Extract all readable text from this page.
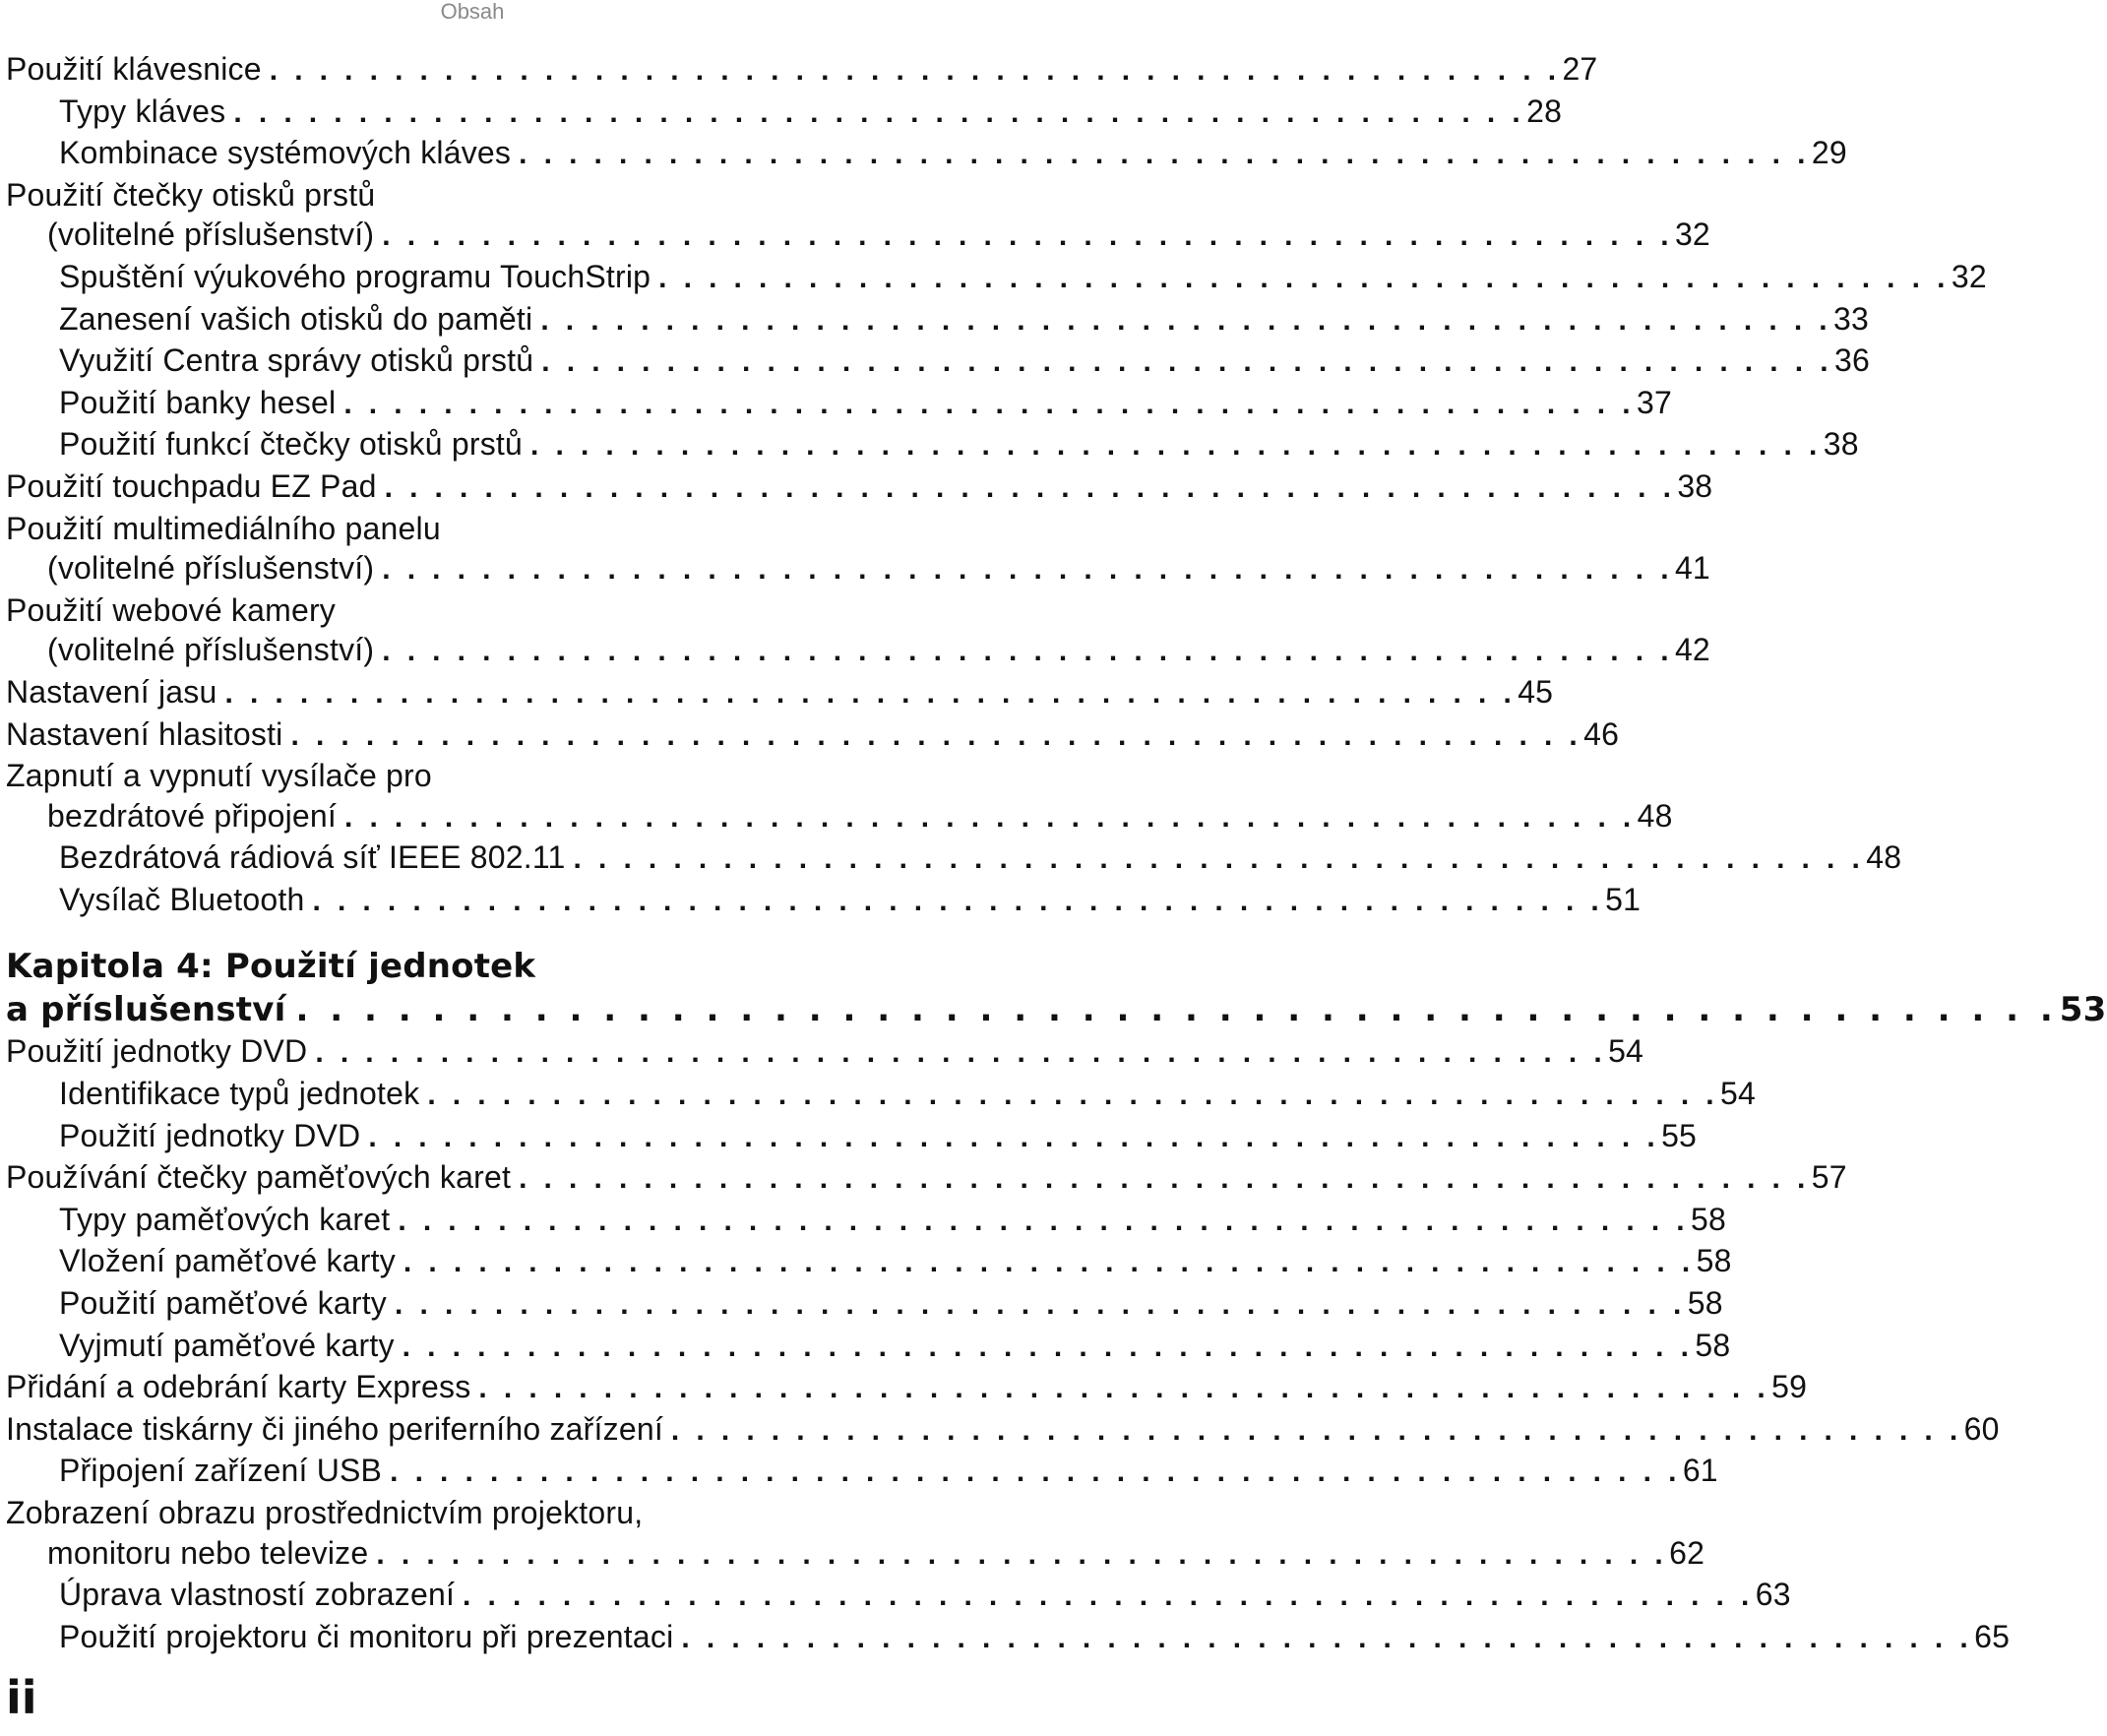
Obsah
Použití klávesnice . . . . . . . . . . . . . . . . . . . . . . . . . . . . . . . . . . . . . . . . . . . . . . . . . . . . 27
Typy kláves . . . . . . . . . . . . . . . . . . . . . . . . . . . . . . . . . . . . . . . . . . . . . . . . . . . . 28
Kombinace systémových kláves . . . . . . . . . . . . . . . . . . . . . . . . . . . . . . . . . . . . . . . . . . . . . . . . . . . . 29
Použití čtečky otisků prstů
(volitelné příslušenství) . . . . . . . . . . . . . . . . . . . . . . . . . . . . . . . . . . . . . . . . . . . . . . . . . . . . 32
Spuštění výukového programu TouchStrip . . . . . . . . . . . . . . . . . . . . . . . . . . . . . . . . . . . . . . . . . . . . . . . . . . . . 32
Zanesení vašich otisků do paměti . . . . . . . . . . . . . . . . . . . . . . . . . . . . . . . . . . . . . . . . . . . . . . . . . . . . 33
Využití Centra správy otisků prstů . . . . . . . . . . . . . . . . . . . . . . . . . . . . . . . . . . . . . . . . . . . . . . . . . . . . 36
Použití banky hesel . . . . . . . . . . . . . . . . . . . . . . . . . . . . . . . . . . . . . . . . . . . . . . . . . . . . 37
Použití funkcí čtečky otisků prstů . . . . . . . . . . . . . . . . . . . . . . . . . . . . . . . . . . . . . . . . . . . . . . . . . . . . 38
Použití touchpadu EZ Pad . . . . . . . . . . . . . . . . . . . . . . . . . . . . . . . . . . . . . . . . . . . . . . . . . . . . 38
Použití multimediálního panelu
(volitelné příslušenství) . . . . . . . . . . . . . . . . . . . . . . . . . . . . . . . . . . . . . . . . . . . . . . . . . . . . 41
Použití webové kamery
(volitelné příslušenství) . . . . . . . . . . . . . . . . . . . . . . . . . . . . . . . . . . . . . . . . . . . . . . . . . . . . 42
Nastavení jasu . . . . . . . . . . . . . . . . . . . . . . . . . . . . . . . . . . . . . . . . . . . . . . . . . . . . 45
Nastavení hlasitosti . . . . . . . . . . . . . . . . . . . . . . . . . . . . . . . . . . . . . . . . . . . . . . . . . . . . 46
Zapnutí a vypnutí vysílače pro
bezdrátové připojení . . . . . . . . . . . . . . . . . . . . . . . . . . . . . . . . . . . . . . . . . . . . . . . . . . . . 48
Bezdrátová rádiová síť IEEE 802.11 . . . . . . . . . . . . . . . . . . . . . . . . . . . . . . . . . . . . . . . . . . . . . . . . . . . . 48
Vysílač Bluetooth . . . . . . . . . . . . . . . . . . . . . . . . . . . . . . . . . . . . . . . . . . . . . . . . . . . . 51
Kapitola 4: Použití jednotek
a příslušenství . . . . . . . . . . . . . . . . . . . . . . . . . . . . . . . . . . . . . . . . . . . . . . . . . . . . 53
Použití jednotky DVD . . . . . . . . . . . . . . . . . . . . . . . . . . . . . . . . . . . . . . . . . . . . . . . . . . . . 54
Identifikace typů jednotek . . . . . . . . . . . . . . . . . . . . . . . . . . . . . . . . . . . . . . . . . . . . . . . . . . . . 54
Použití jednotky DVD . . . . . . . . . . . . . . . . . . . . . . . . . . . . . . . . . . . . . . . . . . . . . . . . . . . . 55
Používání čtečky paměťových karet . . . . . . . . . . . . . . . . . . . . . . . . . . . . . . . . . . . . . . . . . . . . . . . . . . . . 57
Typy paměťových karet . . . . . . . . . . . . . . . . . . . . . . . . . . . . . . . . . . . . . . . . . . . . . . . . . . . . 58
Vložení paměťové karty . . . . . . . . . . . . . . . . . . . . . . . . . . . . . . . . . . . . . . . . . . . . . . . . . . . . 58
Použití paměťové karty . . . . . . . . . . . . . . . . . . . . . . . . . . . . . . . . . . . . . . . . . . . . . . . . . . . . 58
Vyjmutí paměťové karty . . . . . . . . . . . . . . . . . . . . . . . . . . . . . . . . . . . . . . . . . . . . . . . . . . . . 58
Přidání a odebrání karty Express . . . . . . . . . . . . . . . . . . . . . . . . . . . . . . . . . . . . . . . . . . . . . . . . . . . . 59
Instalace tiskárny či jiného periferního zařízení . . . . . . . . . . . . . . . . . . . . . . . . . . . . . . . . . . . . . . . . . . . . . . . . . . . . 60
Připojení zařízení USB . . . . . . . . . . . . . . . . . . . . . . . . . . . . . . . . . . . . . . . . . . . . . . . . . . . . 61
Zobrazení obrazu prostřednictvím projektoru,
monitoru nebo televize . . . . . . . . . . . . . . . . . . . . . . . . . . . . . . . . . . . . . . . . . . . . . . . . . . . . 62
Úprava vlastností zobrazení . . . . . . . . . . . . . . . . . . . . . . . . . . . . . . . . . . . . . . . . . . . . . . . . . . . . 63
Použití projektoru či monitoru při prezentaci . . . . . . . . . . . . . . . . . . . . . . . . . . . . . . . . . . . . . . . . . . . . . . . . . . . . 65
ii
